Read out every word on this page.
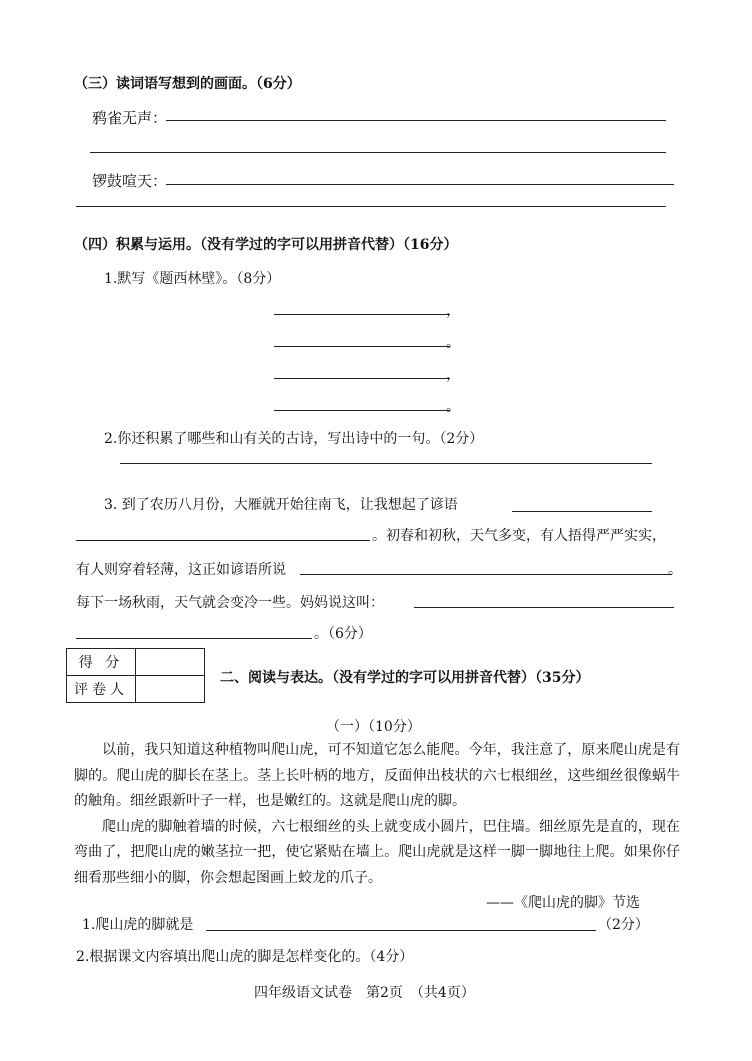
（三）读词语写想到的画面。（6分）
鸦雀无声：
锣鼓喧天：
（四）积累与运用。（没有学过的字可以用拼音代替）（16分）
1.默写《题西林壁》。（8分）
，
。
，
。
2.你还积累了哪些和山有关的古诗，写出诗中的一句。（2分）
3. 到了农历八月份，大雁就开始往南飞，让我想起了谚语
。初春和初秋，天气多变，有人捂得严严实实，
有人则穿着轻薄，这正如谚语所说	。
每下一场秋雨，天气就会变冷一些。妈妈说这叫：
。（6分）
得 分	
评卷人	
二、阅读与表达。（没有学过的字可以用拼音代替）（35分）
（一）（10分）

以前，我只知道这种植物叫爬山虎，可不知道它怎么能爬。今年，我注意了，原来爬山虎是有脚的。爬山虎的脚长在茎上。茎上长叶柄的地方，反面伸出枝状的六七根细丝，这些细丝很像蜗牛的触角。细丝跟新叶子一样，也是嫩红的。这就是爬山虎的脚。

爬山虎的脚触着墙的时候，六七根细丝的头上就变成小圆片，巴住墙。细丝原先是直的，现在弯曲了，把爬山虎的嫩茎拉一把，使它紧贴在墙上。爬山虎就是这样一脚一脚地往上爬。如果你仔细看那些细小的脚，你会想起图画上蛟龙的爪子。

——《爬山虎的脚》节选
1.爬山虎的脚就是	（2分）
2.根据课文内容填出爬山虎的脚是怎样变化的。（4分）
四年级语文试卷　第2页　（共4页）
